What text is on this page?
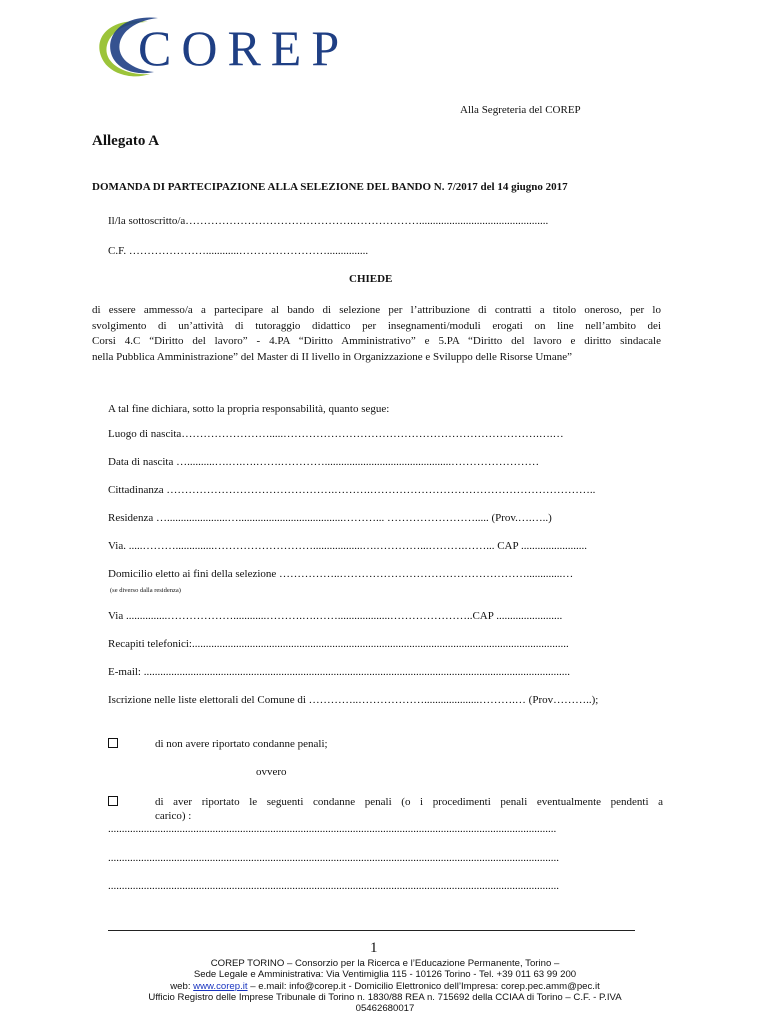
COREP
Alla Segreteria del COREP
Allegato A
DOMANDA DI PARTECIPAZIONE ALLA SELEZIONE DEL BANDO N. 7/2017 del 14 giugno 2017
Il/la sottoscritto/a……………………………………….………………...............................................
C.F. …………………............……………………...............
CHIEDE
di essere ammesso/a a partecipare al bando di selezione per l’attribuzione di contratti a titolo oneroso, per lo
svolgimento di un’attività di tutoraggio didattico per insegnamenti/moduli erogati on line nell’ambito dei
Corsi 4.C “Diritto del lavoro” - 4.PA “Diritto Amministrativo” e 5.PA “Diritto del lavoro e diritto sindacale
nella Pubblica Amministrazione” del Master di II livello in Organizzazione e Sviluppo delle Risorse Umane”
A tal fine dichiara, sotto la propria responsabilità, quanto segue:
Luogo di nascita…………………….....…………………………………………………………….….…
Data di nascita …..........….….….…….…………..............................................……………………
Cittadinanza ……………………………………….……….……………………………………………………..
Residenza …......................…......................................………... ……………………..... (Prov.….…..)
Via. .....………..............………………………..................….…………...……….……... CAP ........................
Domicilio eletto ai fini della selezione ……………..…………………………………………….............…
(se diverso dalla residenza)
Via ...............………………............……….….……...................…………………..CAP ........................
Recapiti telefonici:.........................................................................................................................................
E-mail: ...........................................................................................................................................................
Iscrizione nelle liste elettorali del Comune di …………..………………....................……….… (Prov………..);
di non avere riportato condanne penali;
ovvero
di aver riportato le seguenti condanne penali (o i procedimenti penali eventualmente pendenti a
carico) :
...................................................................................................................................................................
....................................................................................................................................................................
....................................................................................................................................................................
1
COREP TORINO – Consorzio per la Ricerca e l’Educazione Permanente, Torino –
Sede Legale e Amministrativa: Via Ventimiglia 115 - 10126 Torino - Tel. +39 011 63 99 200
web: www.corep.it – e.mail: info@corep.it - Domicilio Elettronico dell’Impresa: corep.pec.amm@pec.it
Ufficio Registro delle Imprese Tribunale di Torino n. 1830/88 REA n. 715692 della CCIAA di Torino – C.F. - P.IVA
05462680017
